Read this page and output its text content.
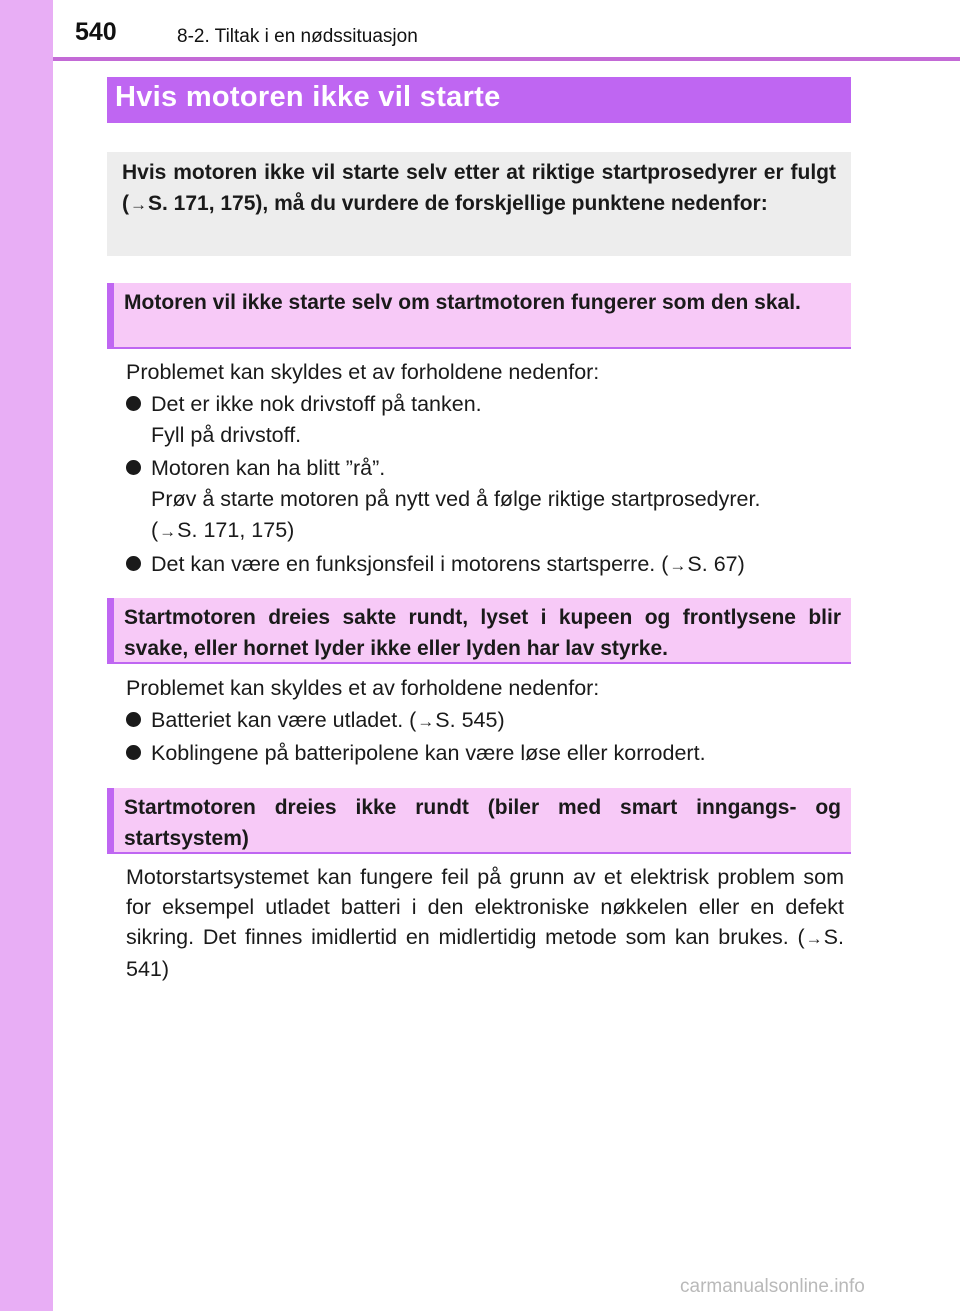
540	8-2. Tiltak i en nødssituasjon
Hvis motoren ikke vil starte

Hvis motoren ikke vil starte selv etter at riktige startprosedyrer er fulgt (→S. 171, 175), må du vurdere de forskjellige punktene nedenfor:

Motoren vil ikke starte selv om startmotoren fungerer som den skal.

Problemet kan skyldes et av forholdene nedenfor:

Det er ikke nok drivstoff på tanken.
Fyll på drivstoff.
Motoren kan ha blitt ”rå”.
Prøv å starte motoren på nytt ved å følge riktige startprosedyrer.
(→S. 171, 175)
Det kan være en funksjonsfeil i motorens startsperre. (→S. 67)

Startmotoren dreies sakte rundt, lyset i kupeen og frontlysene blir svake, eller hornet lyder ikke eller lyden har lav styrke.

Problemet kan skyldes et av forholdene nedenfor:

Batteriet kan være utladet. (→S. 545)
Koblingene på batteripolene kan være løse eller korrodert.

Startmotoren dreies ikke rundt (biler med smart inngangs- og startsystem)

Motorstartsystemet kan fungere feil på grunn av et elektrisk problem som for eksempel utladet batteri i den elektroniske nøkkelen eller en defekt sikring. Det finnes imidlertid en midlertidig metode som kan brukes. (→S. 541)

carmanualsonline.info
